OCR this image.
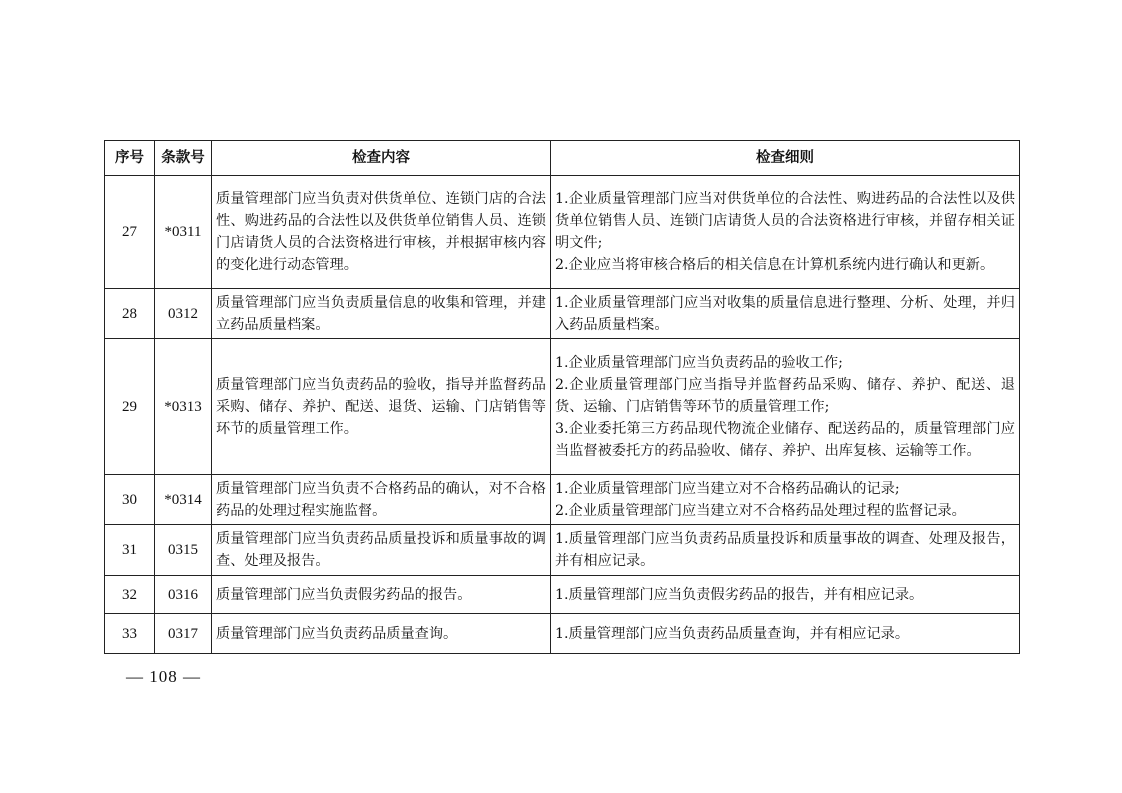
序号	条款号	检查内容	检查细则
27	*0311	质量管理部门应当负责对供货单位、连锁门店的合法性、购进药品的合法性以及供货单位销售人员、连锁门店请货人员的合法资格进行审核，并根据审核内容的变化进行动态管理。	1.企业质量管理部门应当对供货单位的合法性、购进药品的合法性以及供货单位销售人员、连锁门店请货人员的合法资格进行审核，并留存相关证明文件;
2.企业应当将审核合格后的相关信息在计算机系统内进行确认和更新。

28	0312	质量管理部门应当负责质量信息的收集和管理，并建立药品质量档案。	1.企业质量管理部门应当对收集的质量信息进行整理、分析、处理，并归入药品质量档案。

29	*0313	质量管理部门应当负责药品的验收，指导并监督药品采购、储存、养护、配送、退货、运输、门店销售等环节的质量管理工作。	1.企业质量管理部门应当负责药品的验收工作;
2.企业质量管理部门应当指导并监督药品采购、储存、养护、配送、退货、运输、门店销售等环节的质量管理工作;
3.企业委托第三方药品现代物流企业储存、配送药品的，质量管理部门应当监督被委托方的药品验收、储存、养护、出库复核、运输等工作。

30	*0314	质量管理部门应当负责不合格药品的确认，对不合格药品的处理过程实施监督。	1.企业质量管理部门应当建立对不合格药品确认的记录;
2.企业质量管理部门应当建立对不合格药品处理过程的监督记录。

31	0315	质量管理部门应当负责药品质量投诉和质量事故的调查、处理及报告。	1.质量管理部门应当负责药品质量投诉和质量事故的调查、处理及报告，并有相应记录。

32	0316	质量管理部门应当负责假劣药品的报告。	1.质量管理部门应当负责假劣药品的报告，并有相应记录。

33	0317	质量管理部门应当负责药品质量查询。	1.质量管理部门应当负责药品质量查询，并有相应记录。
— 108 —
